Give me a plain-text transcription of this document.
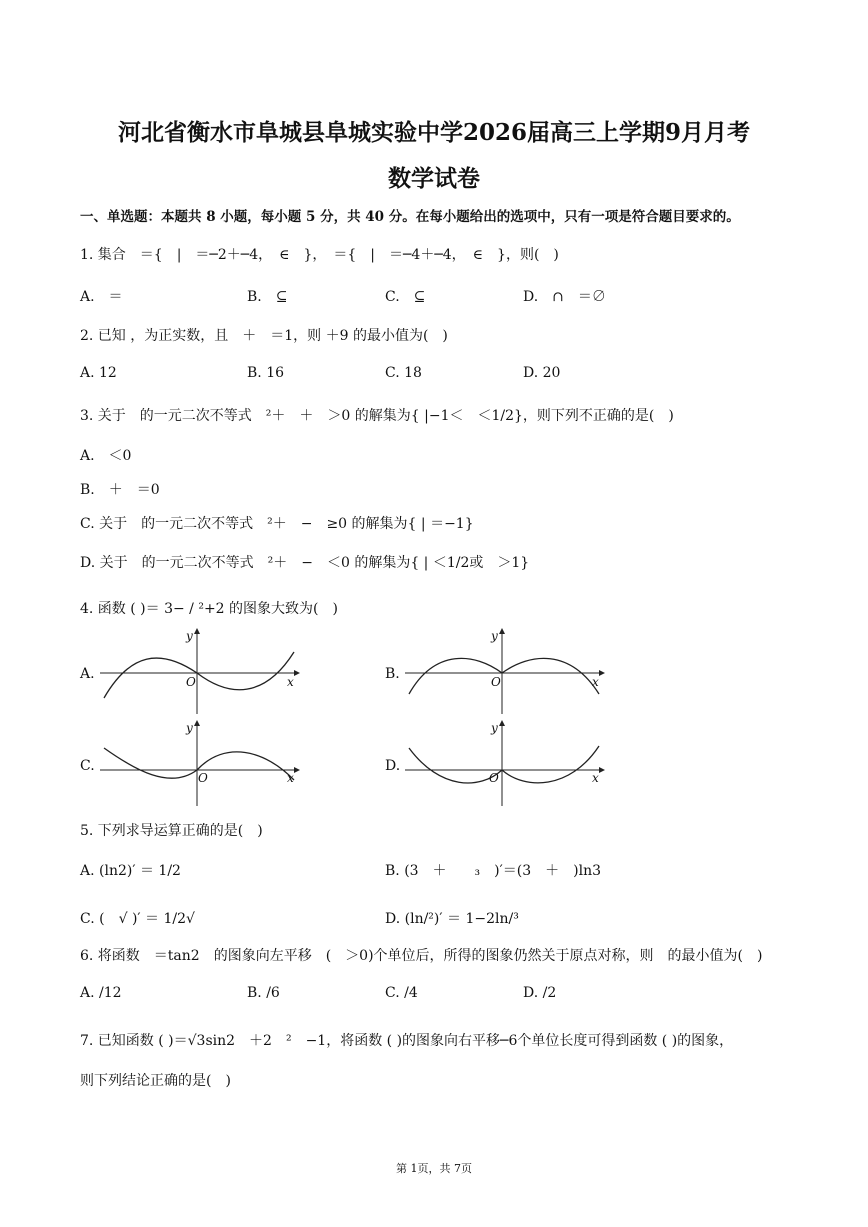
河北省衡水市阜城县阜城实验中学2026届高三上学期9月月考
数学试卷
一、单选题：本题共 8 小题，每小题 5 分，共 40 分。在每小题给出的选项中，只有一项是符合题目要求的。
1. 集合　＝{　|　＝─2＋─4，　∈　}，　＝{　|　＝─4＋─4，　∈　}，则(　)
A.　＝	B.　⊆	C.　⊆	D.　∩　＝∅
2. 已知 ，为正实数，且　＋　＝1，则 ＋9 的最小值为(　)
A. 12	B. 16	C. 18	D. 20
3. 关于　的一元二次不等式　²＋　＋　＞0 的解集为{ |−1＜　＜1/2}，则下列不正确的是(　)
A.　＜0
B.　＋　＝0
C. 关于　的一元二次不等式　²＋　−　≥0 的解集为{ | ＝−1}
D. 关于　的一元二次不等式　²＋　−　＜0 的解集为{ | ＜1/2或　＞1}
4. 函数 ( )＝ 3− / ²+2 的图象大致为(　)
A.
y
x
O	B.
y
x
O
C.
y
x
O
D.
y
x
O
5. 下列求导运算正确的是(　)
A. (ln2)′ ＝ 1/2	B. (3　＋　　₃　)′＝(3　＋　)ln3
C. (　√ )′ ＝ 1/2√	D. (ln/²)′ ＝ 1−2ln/³
6. 将函数　＝tan2　的图象向左平移　(　＞0)个单位后，所得的图象仍然关于原点对称，则　的最小值为(　)
A. /12	B. /6	C. /4	D. /2
7. 已知函数 ( )＝√3sin2　＋2　²　−1，将函数 ( )的图象向右平移─6个单位长度可得到函数 ( )的图象，
则下列结论正确的是(　)
第 1页，共 7页
